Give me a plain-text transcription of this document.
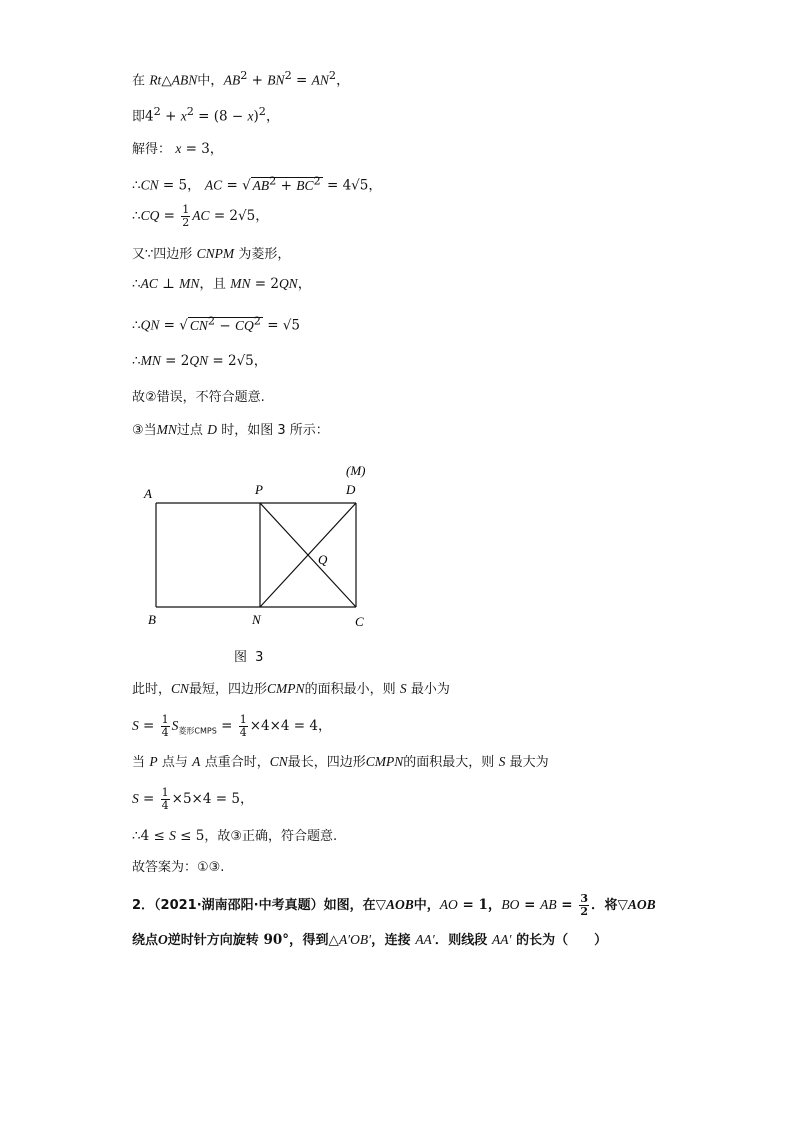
在 Rt△ABN中，$AB^2 + BN^2 = AN^2$，
即$4^2 + x^2 = (8 - x)^2$，
解得： x = 3，
∴CN = 5， AC = √ $AB^2 + BC^2 = 4√5$，
∴CQ = $\frac{1}{2}$ AC = 2√5，
又∵四边形 CNPM 为菱形，
∴AC ⊥ MN，且 MN = 2QN，
∴QN = √ $CN^2 - CQ^2 = √5$
∴MN = 2QN = 2√5，
故②错误，不符合题意.
③当MN过点 D 时，如图 3 所示：
A	P	D
(M)
Q
B	N	C
图 3
此时，CN最短，四边形CMPN的面积最小，则 S 最小为
$S = \frac{1}{4} S_{菱形CMPS} = \frac{1}{4} \times 4\times 4 = 4$，
当 P 点与 A 点重合时，CN最长，四边形CMPN的面积最大，则 S 最大为
$S = \frac{1}{4} \times 5\times 4 = 5$，
∴4 ≤ S ≤ 5，故③正确，符合题意.
故答案为：①③.
2．（2021·湖南邵阳·中考真题）如图，在▽AOB中，AO = 1，BO = AB = $\frac{3}{2}$ ．将▽AOB
绕点O逆时针方向旋转 90°，得到△A′OB′，连接 AA′．则线段 AA′ 的长为（　　）
